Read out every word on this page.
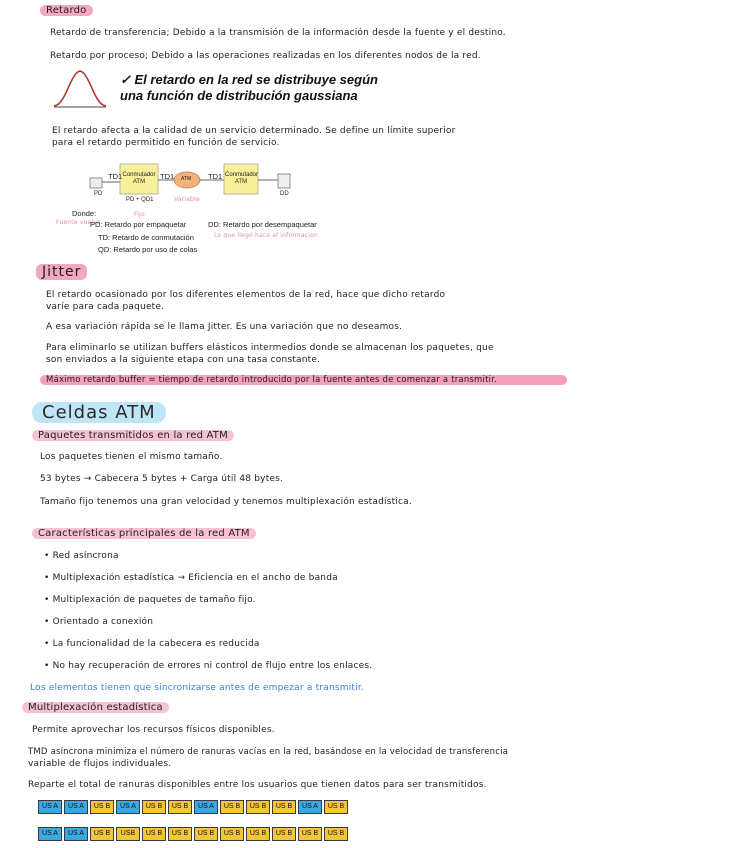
Retardo
Retardo de transferencia; Debido a la transmisión de la información desde la fuente y el destino.
Retardo por proceso; Debido a las operaciones realizadas en los diferentes nodos de la red.
✓ El retardo en la red se distribuye según
una función de distribución gaussiana
El retardo afecta a la calidad de un servicio determinado. Se define un límite superior
para el retardo permitido en función de servicio.
TD1 Conmutador ATM
TD1 ATM TD1 Conmutador ATM
PD	DD
PD + QD1	Variable
Donde:
Fuente vuelve
PD: Retardo por empaquetar	DD: Retardo por desempaquetar
Fijo
Lo que llegó hace al informacion
TD: Retardo de conmutación
QD: Retardo por uso de colas
Jitter
El retardo ocasionado por los diferentes elementos de la red, hace que dicho retardo
varíe para cada paquete.
A esa variación rápida se le llama Jitter. Es una variación que no deseamos.
Para eliminarlo se utilizan buffers elásticos intermedios donde se almacenan los paquetes, que
son enviados a la siguiente etapa con una tasa constante.
Máximo retardo buffer = tiempo de retardo introducido por la fuente antes de comenzar a transmitir.
Celdas ATM
Paquetes transmitidos en la red ATM
Los paquetes tienen el mismo tamaño.
53 bytes → Cabecera 5 bytes + Carga útil 48 bytes.
Tamaño fijo tenemos una gran velocidad y tenemos multiplexación estadística.
Características principales de la red ATM
• Red asíncrona
• Multiplexación estadística → Eficiencia en el ancho de banda
• Multiplexación de paquetes de tamaño fijo.
• Orientado a conexión
• La funcionalidad de la cabecera es reducida
• No hay recuperación de errores ni control de flujo entre los enlaces.
Los elementos tienen que sincronizarse antes de empezar a transmitir.
Multiplexación estadística
Permite aprovechar los recursos físicos disponibles.
TMD asíncrona minimiza el número de ranuras vacías en la red, basándose en la velocidad de transferencia
variable de flujos individuales.
Reparte el total de ranuras disponibles entre los usuarios que tienen datos para ser transmitidos.
US A	US A	US B	US A	US B	US B	US A	US B	US B	US B	US A	US B
US A	US A	US B	USB	US B	US B	US B	US B	US B	US B	US B	US B
